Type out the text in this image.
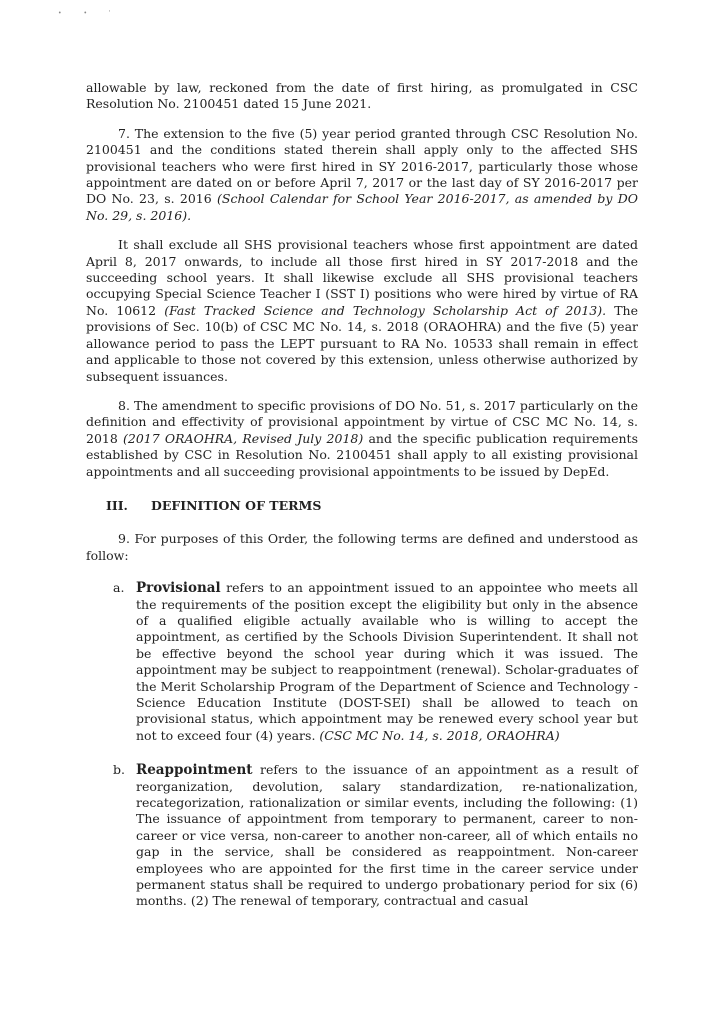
• • '

allowable by law, reckoned from the date of first hiring, as promulgated in CSC Resolution No. 2100451 dated 15 June 2021.

7. The extension to the five (5) year period granted through CSC Resolution No. 2100451 and the conditions stated therein shall apply only to the affected SHS provisional teachers who were first hired in SY 2016-2017, particularly those whose appointment are dated on or before April 7, 2017 or the last day of SY 2016-2017 per DO No. 23, s. 2016 (School Calendar for School Year 2016-2017, as amended by DO No. 29, s. 2016).

It shall exclude all SHS provisional teachers whose first appointment are dated April 8, 2017 onwards, to include all those first hired in SY 2017-2018 and the succeeding school years. It shall likewise exclude all SHS provisional teachers occupying Special Science Teacher I (SST I) positions who were hired by virtue of RA No. 10612 (Fast Tracked Science and Technology Scholarship Act of 2013). The provisions of Sec. 10(b) of CSC MC No. 14, s. 2018 (ORAOHRA) and the five (5) year allowance period to pass the LEPT pursuant to RA No. 10533 shall remain in effect and applicable to those not covered by this extension, unless otherwise authorized by subsequent issuances.

8. The amendment to specific provisions of DO No. 51, s. 2017 particularly on the definition and effectivity of provisional appointment by virtue of CSC MC No. 14, s. 2018 (2017 ORAOHRA, Revised July 2018) and the specific publication requirements established by CSC in Resolution No. 2100451 shall apply to all existing provisional appointments and all succeeding provisional appointments to be issued by DepEd.

III.	DEFINITION OF TERMS

9. For purposes of this Order, the following terms are defined and understood as follow:

a. Provisional refers to an appointment issued to an appointee who meets all the requirements of the position except the eligibility but only in the absence of a qualified eligible actually available who is willing to accept the appointment, as certified by the Schools Division Superintendent. It shall not be effective beyond the school year during which it was issued. The appointment may be subject to reappointment (renewal). Scholar-graduates of the Merit Scholarship Program of the Department of Science and Technology - Science Education Institute (DOST-SEI) shall be allowed to teach on provisional status, which appointment may be renewed every school year but not to exceed four (4) years. (CSC MC No. 14, s. 2018, ORAOHRA)
b. Reappointment refers to the issuance of an appointment as a result of reorganization, devolution, salary standardization, re-nationalization, recategorization, rationalization or similar events, including the following: (1) The issuance of appointment from temporary to permanent, career to non-career or vice versa, non-career to another non-career, all of which entails no gap in the service, shall be considered as reappointment. Non-career employees who are appointed for the first time in the career service under permanent status shall be required to undergo probationary period for six (6) months. (2) The renewal of temporary, contractual and casual
